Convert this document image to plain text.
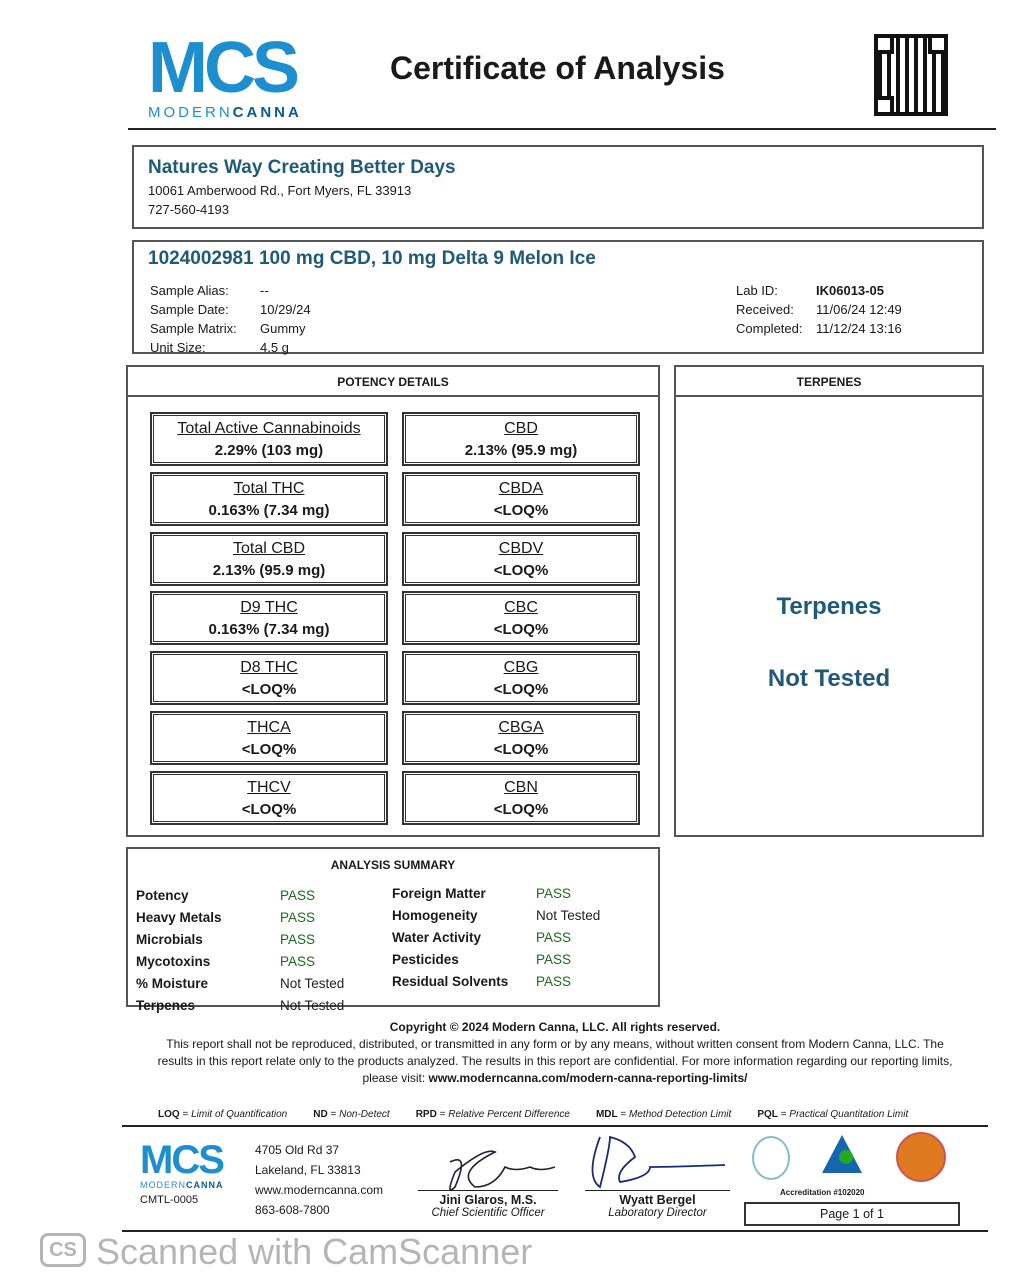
MCS
MODERNCANNA
Certificate of Analysis
Natures Way Creating Better Days
10061 Amberwood Rd., Fort Myers, FL 33913
727-560-4193
1024002981 100 mg CBD, 10 mg Delta 9 Melon Ice
Sample Alias:	--
Sample Date:	10/29/24
Sample Matrix:	Gummy
Unit Size:	4.5 g
Lab ID:	IK06013-05
Received:	11/06/24 12:49
Completed:	11/12/24 13:16
POTENCY DETAILS
Total Active Cannabinoids
2.29% (103 mg)
Total THC
0.163% (7.34 mg)
Total CBD
2.13% (95.9 mg)
D9 THC
0.163% (7.34 mg)
D8 THC
<LOQ%
THCA
<LOQ%
THCV
<LOQ%
CBD
2.13% (95.9 mg)
CBDA
<LOQ%
CBDV
<LOQ%
CBC
<LOQ%
CBG
<LOQ%
CBGA
<LOQ%
CBN
<LOQ%
TERPENES
Terpenes
Not Tested
ANALYSIS SUMMARY
Potency	PASS
Heavy Metals	PASS
Microbials	PASS
Mycotoxins	PASS
% Moisture	Not Tested
Terpenes	Not Tested
Foreign Matter	PASS
Homogeneity	Not Tested
Water Activity	PASS
Pesticides	PASS
Residual Solvents	PASS
Copyright © 2024 Modern Canna, LLC. All rights reserved.
This report shall not be reproduced, distributed, or transmitted in any form or by any means, without written consent from Modern Canna, LLC. The results in this report relate only to the products analyzed. The results in this report are confidential. For more information regarding our reporting limits, please visit: www.moderncanna.com/modern-canna-reporting-limits/
LOQ = Limit of Quantification	ND = Non-Detect	RPD = Relative Percent Difference	MDL = Method Detection Limit	PQL = Practical Quantitation Limit
MCS
MODERNCANNA
CMTL-0005
4705 Old Rd 37
Lakeland, FL 33813
www.moderncanna.com
863-608-7800
Jini Glaros, M.S.
Chief Scientific Officer
Wyatt Bergel
Laboratory Director
Accreditation #102020
Page 1 of 1
CS Scanned with CamScanner
